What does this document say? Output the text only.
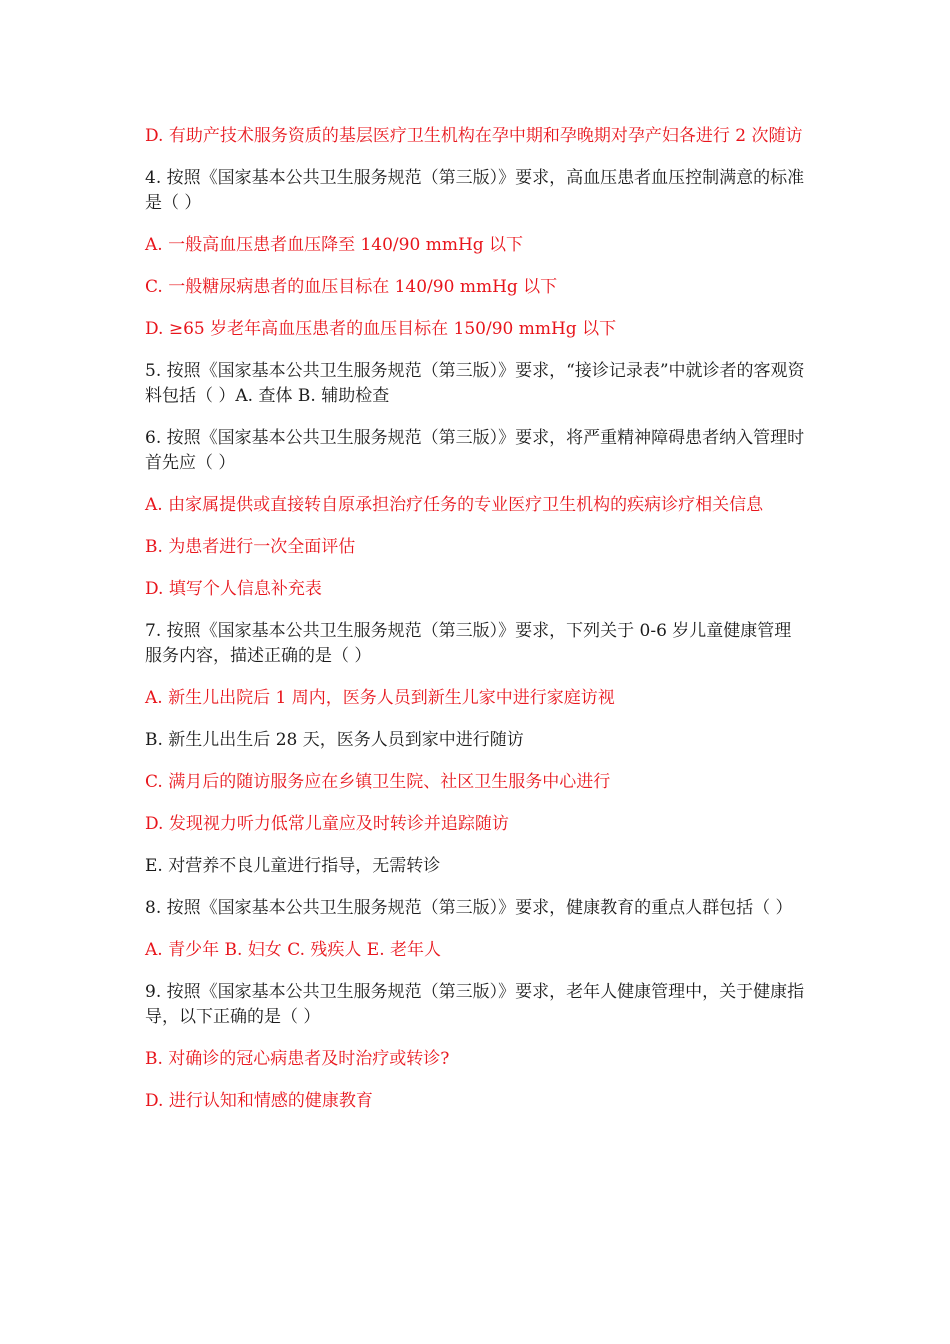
D. 有助产技术服务资质的基层医疗卫生机构在孕中期和孕晚期对孕产妇各进行 2 次随访

4. 按照《国家基本公共卫生服务规范（第三版）》要求，高血压患者血压控制满意的标准是（ ）

A. 一般高血压患者血压降至 140/90 mmHg 以下

C. 一般糖尿病患者的血压目标在 140/90 mmHg 以下

D. ≥65 岁老年高血压患者的血压目标在 150/90 mmHg 以下

5. 按照《国家基本公共卫生服务规范（第三版）》要求，“接诊记录表”中就诊者的客观资料包括（ ）A. 查体 B. 辅助检查

6. 按照《国家基本公共卫生服务规范（第三版）》要求，将严重精神障碍患者纳入管理时首先应（ ）

A. 由家属提供或直接转自原承担治疗任务的专业医疗卫生机构的疾病诊疗相关信息

B. 为患者进行一次全面评估

D. 填写个人信息补充表

7. 按照《国家基本公共卫生服务规范（第三版）》要求，下列关于 0-6 岁儿童健康管理服务内容，描述正确的是（ ）

A. 新生儿出院后 1 周内，医务人员到新生儿家中进行家庭访视

B. 新生儿出生后 28 天，医务人员到家中进行随访

C. 满月后的随访服务应在乡镇卫生院、社区卫生服务中心进行

D. 发现视力听力低常儿童应及时转诊并追踪随访

E. 对营养不良儿童进行指导，无需转诊

8. 按照《国家基本公共卫生服务规范（第三版）》要求，健康教育的重点人群包括（ ）

A. 青少年 B. 妇女 C. 残疾人 E. 老年人

9. 按照《国家基本公共卫生服务规范（第三版）》要求，老年人健康管理中，关于健康指导，以下正确的是（ ）

B. 对确诊的冠心病患者及时治疗或转诊?

D. 进行认知和情感的健康教育
